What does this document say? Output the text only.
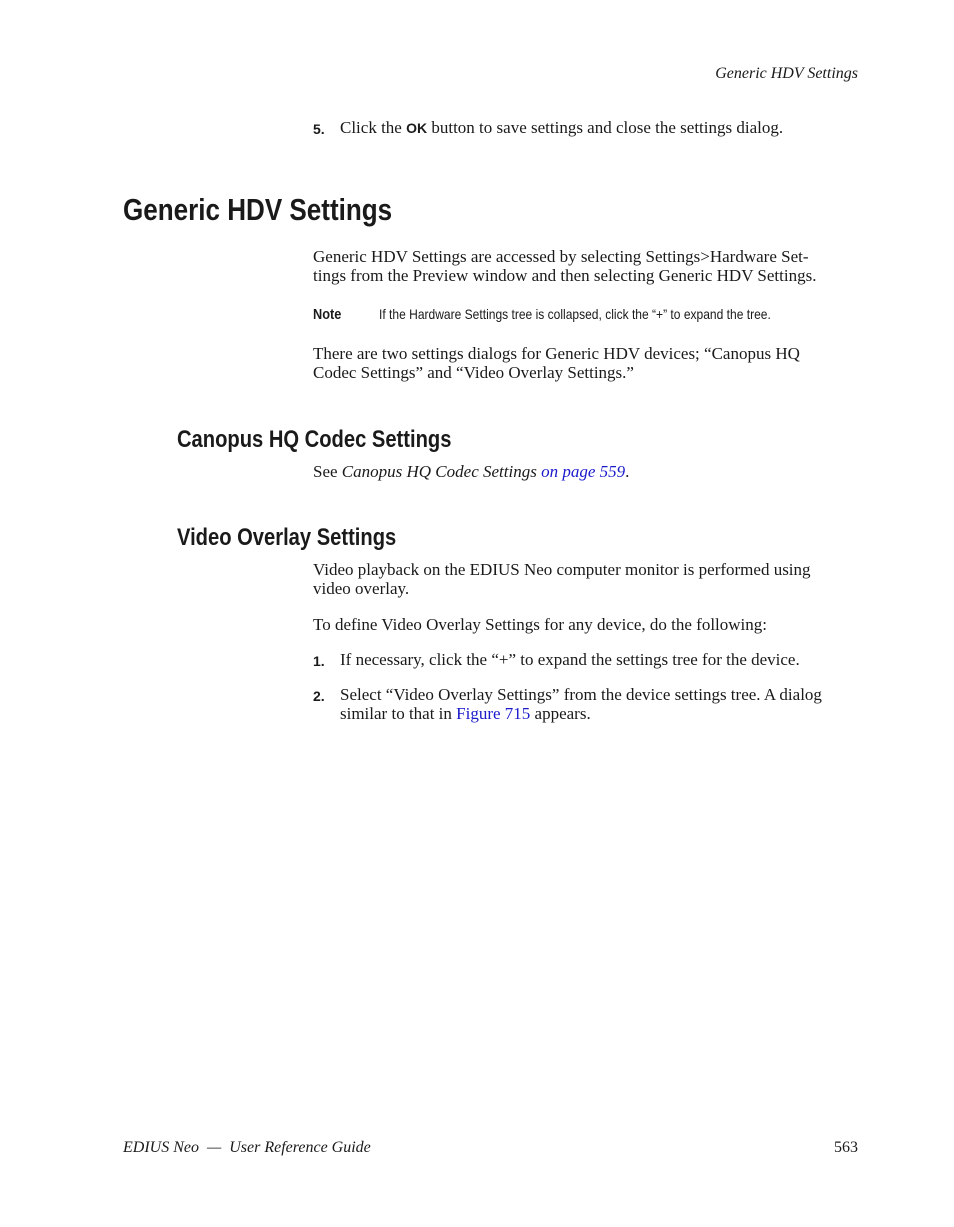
Generic HDV Settings
5. Click the OK button to save settings and close the settings dialog.
Generic HDV Settings
Generic HDV Settings are accessed by selecting Settings>Hardware Set-
tings from the Preview window and then selecting Generic HDV Settings.
Note	If the Hardware Settings tree is collapsed, click the “+” to expand the tree.
There are two settings dialogs for Generic HDV devices; “Canopus HQ
Codec Settings” and “Video Overlay Settings.”
Canopus HQ Codec Settings
See Canopus HQ Codec Settings on page 559.
Video Overlay Settings
Video playback on the EDIUS Neo computer monitor is performed using
video overlay.
To define Video Overlay Settings for any device, do the following:
1. If necessary, click the “+” to expand the settings tree for the device.
2. Select “Video Overlay Settings” from the device settings tree. A dialog
similar to that in Figure 715 appears.
EDIUS Neo  —  User Reference Guide	563
